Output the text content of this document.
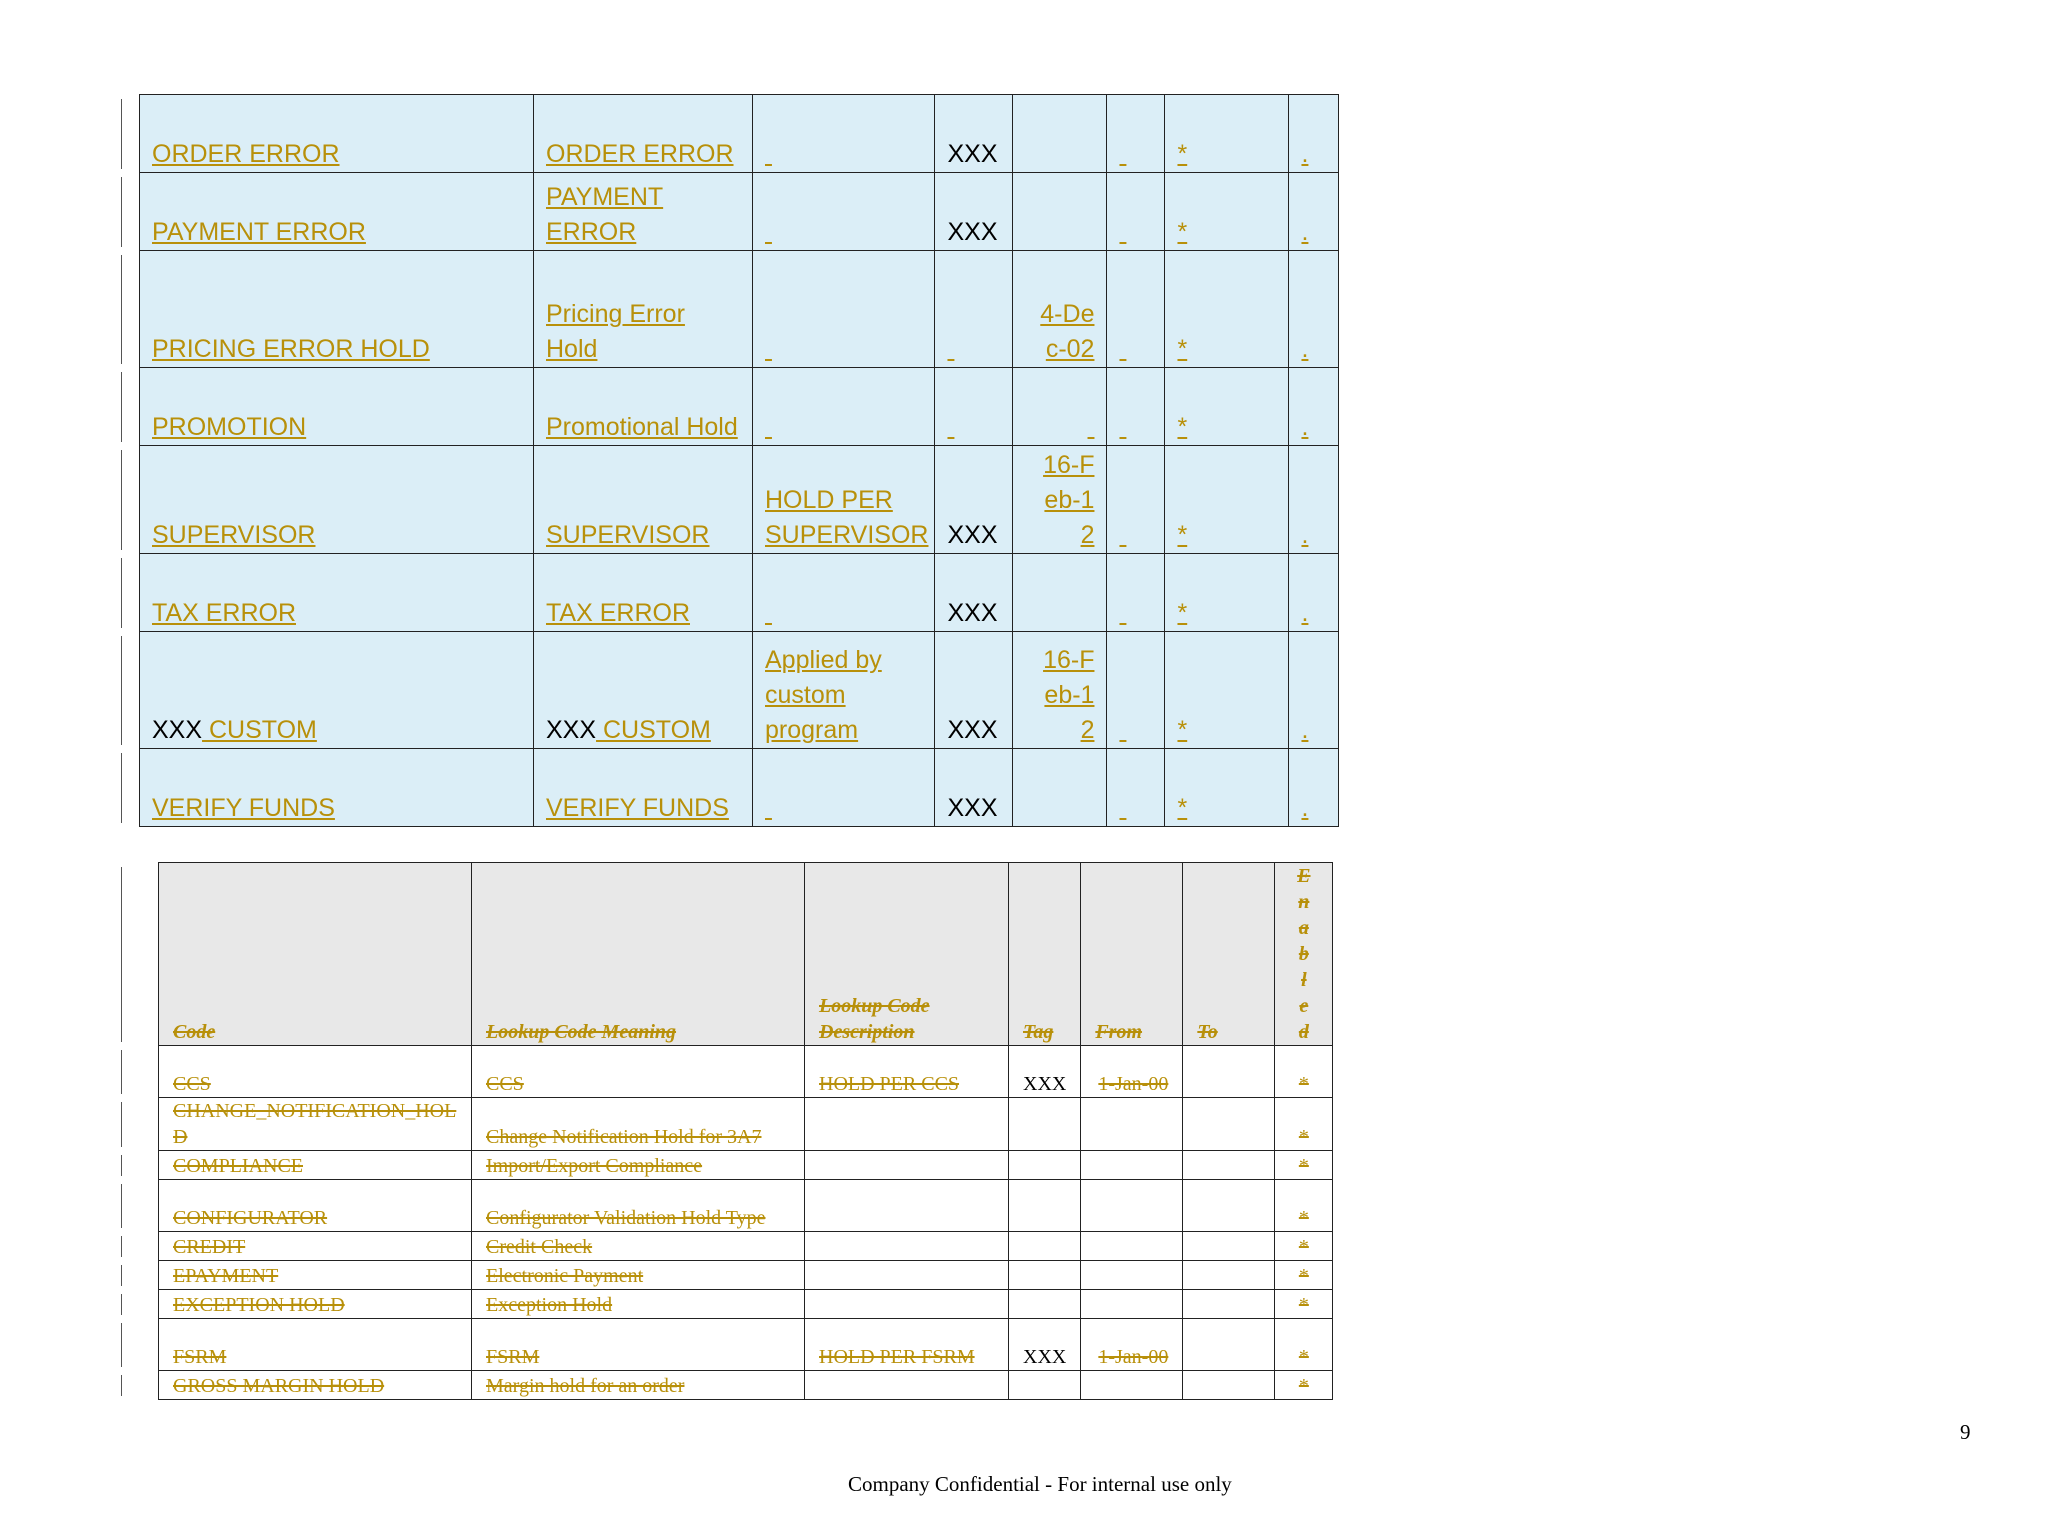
ORDER ERROR	ORDER ERROR		XXX			*	.
PAYMENT ERROR	PAYMENT ERROR		XXX			*	.
PRICING ERROR HOLD	Pricing Error Hold			4-Dec-02		*	.
PROMOTION	Promotional Hold					*	.
SUPERVISOR	SUPERVISOR	HOLD PER SUPERVISOR	XXX	16-Feb-12		*	.
TAX ERROR	TAX ERROR		XXX			*	.
XXX CUSTOM	XXX CUSTOM	Applied by custom program	XXX	16-Feb-12		*	.
VERIFY FUNDS	VERIFY FUNDS		XXX			*	.
Code	Lookup Code Meaning	Lookup Code Description	Tag	From	To	Enabled
CCS	CCS	HOLD PER CCS	XXX	1-Jan-00		*
CHANGE_NOTIFICATION_HOLD	Change Notification Hold for 3A7					*
COMPLIANCE	Import/Export Compliance					*
CONFIGURATOR	Configurator Validation Hold Type					*
CREDIT	Credit Check					*
EPAYMENT	Electronic Payment					*
EXCEPTION HOLD	Exception Hold					*
FSRM	FSRM	HOLD PER FSRM	XXX	1-Jan-00		*
GROSS MARGIN HOLD	Margin hold for an order					*
9
Company Confidential - For internal use only
